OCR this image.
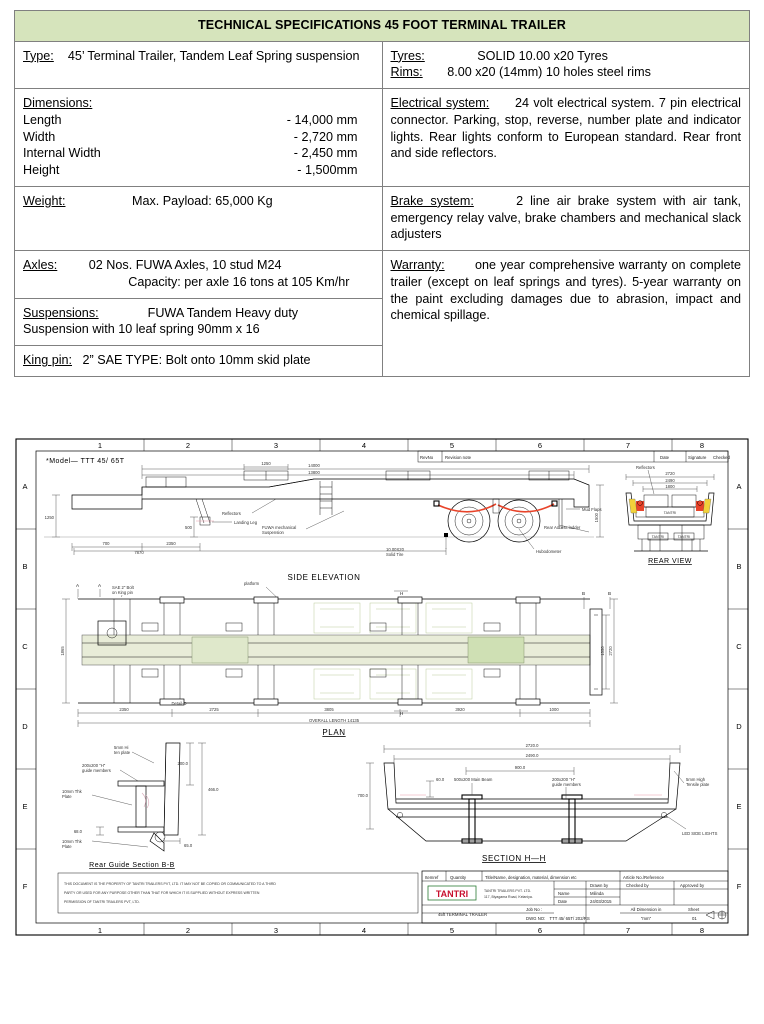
TECHNICAL SPECIFICATIONS 45 FOOT TERMINAL TRAILER	
Type: 45’ Terminal Trailer, Tandem Leaf Spring suspension	Tyres: SOLID 10.00 x20 Tyres
Rims: 8.00 x20 (14mm) 10 holes steel rims

Dimensions:
Length	- 14,000 mm
Width	- 2,720 mm
Internal Width	- 2,450 mm
Height	- 1,500mm
	Electrical system: 24 volt electrical system. 7 pin electrical connector. Parking, stop, reverse, number plate and indicator lights. Rear lights conform to European standard. Rear front and side reflectors.
Weight: Max. Payload: 65,000 Kg	Brake system: 2 line air brake system with air tank, emergency relay valve, brake chambers and mechanical slack adjusters

Axles: 02 Nos. FUWA Axles, 10 stud M24
Capacity: per axle 16 tons at 105 Km/hr	Warranty: one year comprehensive warranty on complete trailer (except on leaf springs and tyres). 5-year warranty on the paint excluding damages due to abrasion, impact and chemical spillage.

Suspensions: FUWA Tandem Heavy duty
Suspension with 10 leaf spring 90mm x 16	

King pin: 2” SAE TYPE: Bolt onto 10mm skid plate	
1	2	3	4	5	6	7	8
1	2	3	4	5	6	7	8
A
B
C
D
E
F
A
B
C
D
E
F
*Model— TTT 45/ 65T
RevNo	Revision note	Date	Signature Checked
14000
13800
1250
Landing Leg
1250
500
Mud Flaps
Reflectors
FUWA mechanical
Suspension
Rear Access ladder
Hubodometer
10.00X20
Solid Tire
700	2350
7870
1500
2720
2490
1800
Reflectors
TANTRI
TANTRI	TANTRI
REAR VIEW
SIDE ELEVATION
A	A	SAE 2" Bolt
on King pin
platform
1865	2720
1550
B	B
H
H
Detail-D
2350	2725	3805	3920	1000
OVERALL LENGTH 14135
PLAN
5mm Hi
ten plate
200x200 "H"
guide members
10mm Thk
Plate
10mm Thk
Plate
200.0
466.0
68.0
65.0
Rear Guide Section B-B
2720.0
2490.0
900.0
700.0
60.0 500x200 Main Beam	200x200 "H"
guide members
5mm High
Tensile plate
LED SIDE LIGHTS
SECTION H—H
THIS DOCUMENT IS THE PROPERTY OF TANTRI TRAILERS PVT, LTD. IT MAY NOT BE COPIED OR COMMUNICATED TO A THIRD
PARTY OR USED FOR ANY PURPOSE OTHER THAN THAT FOR WHICH IT IS SUPPLIED WITHOUT EXPRESS WRITTEN
PERMISSION OF TANTRI TRAILERS PVT, LTD.
Itemref	Quantity	Title/Name, designation, material, dimension etc	Article No./Reference
TANTRI	TANTRI TRAILERS PVT. LTD.
117, Biyagama Road, Kelaniya.
Drawn by	Checked by	Approved by
Name	Milinda
Date	24/03/2015
45ft TERMINAL TRAILER
Job No :
DWG NO: TTT 45/ 65T/ 202/RS
All Dimension in
"mm"
Sheet
01
